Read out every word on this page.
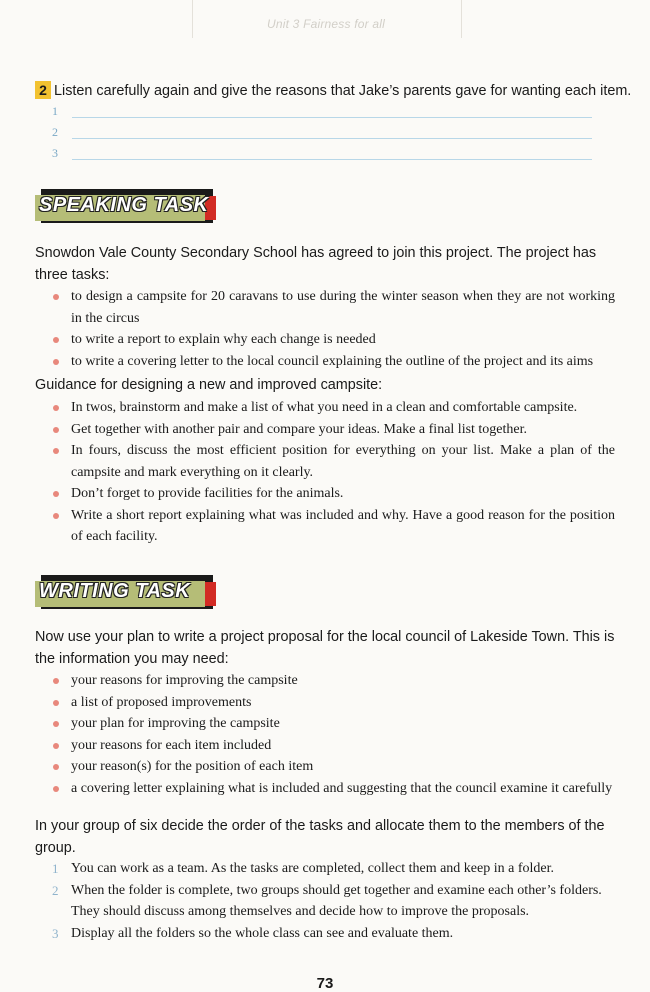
Unit 3 Fairness for all
2 Listen carefully again and give the reasons that Jake’s parents gave for wanting each item.
1
2
3
SPEAKING TASK
Snowdon Vale County Secondary School has agreed to join this project. The project has three tasks:
to design a campsite for 20 caravans to use during the winter season when they are not working in the circus
to write a report to explain why each change is needed
to write a covering letter to the local council explaining the outline of the project and its aims
Guidance for designing a new and improved campsite:
In twos, brainstorm and make a list of what you need in a clean and comfortable campsite.
Get together with another pair and compare your ideas. Make a final list together.
In fours, discuss the most efficient position for everything on your list. Make a plan of the campsite and mark everything on it clearly.
Don’t forget to provide facilities for the animals.
Write a short report explaining what was included and why. Have a good reason for the position of each facility.
WRITING TASK
Now use your plan to write a project proposal for the local council of Lakeside Town. This is the information you may need:
your reasons for improving the campsite
a list of proposed improvements
your plan for improving the campsite
your reasons for each item included
your reason(s) for the position of each item
a covering letter explaining what is included and suggesting that the council examine it carefully
In your group of six decide the order of the tasks and allocate them to the members of the group.
1 You can work as a team. As the tasks are completed, collect them and keep in a folder.
2 When the folder is complete, two groups should get together and examine each other’s folders. They should discuss among themselves and decide how to improve the proposals.
3 Display all the folders so the whole class can see and evaluate them.
73
